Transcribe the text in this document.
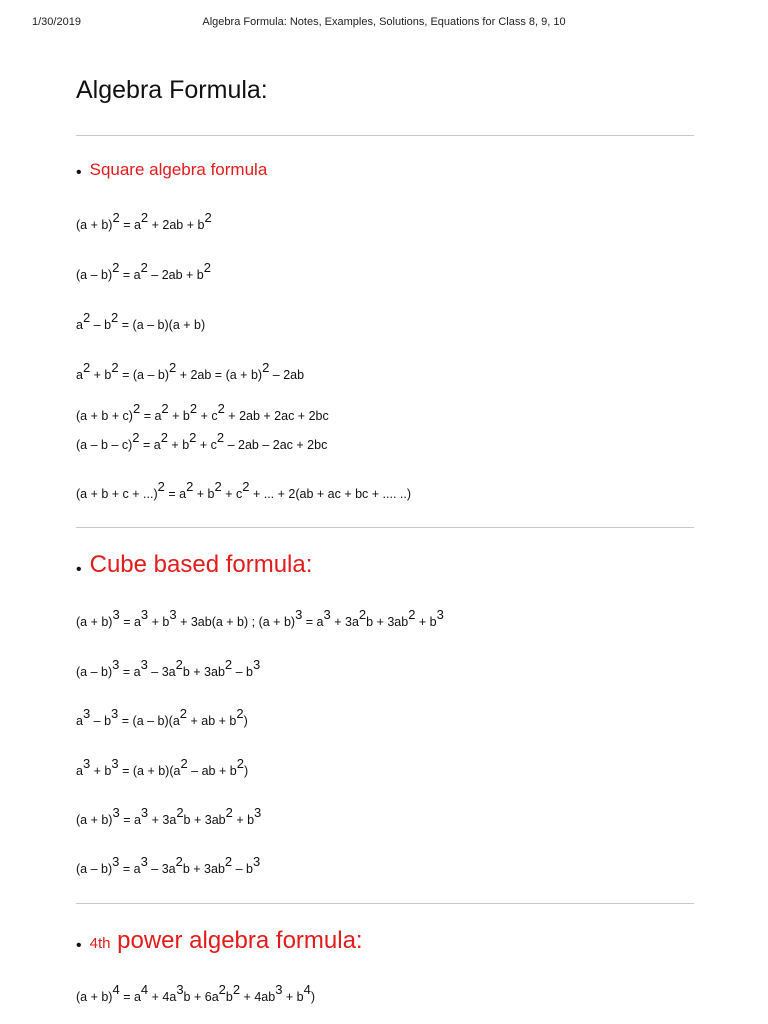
1/30/2019	Algebra Formula: Notes, Examples, Solutions, Equations for Class 8, 9, 10
Algebra Formula:
• Square algebra formula
$(a + b)^2 = a^2 + 2ab + b^2$
$(a - b)^2 = a^2 - 2ab + b^2$
$a^2 - b^2 = (a - b)(a + b)$
$a^2 + b^2 = (a - b)^2 + 2ab = (a + b)^2 - 2ab$
$(a + b + c)^2 = a^2 + b^2 + c^2 + 2ab + 2ac + 2bc$
$(a - b - c)^2 = a^2 + b^2 + c^2 - 2ab - 2ac + 2bc$
$(a + b + c + ...)^2 = a^2 + b^2 + c^2$ + ... + 2(ab + ac + bc + .... ..)
• Cube based formula:
$(a + b)^3 = a^3 + b^3 + 3ab(a + b)$ ; $(a + b)^3 = a^3 + 3a^2b + 3ab^2 + b^3$
$(a - b)^3 = a^3 - 3a^2b + 3ab^2 - b^3$
$a^3 - b^3 = (a - b)(a^2$ + ab + $b^2$)
$a^3 + b^3 = (a + b)(a^2$ – ab + $b^2$)
$(a + b)^3 = a^3 + 3a^2b + 3ab^2 + b^3$
$(a - b)^3 = a^3 - 3a^2b + 3ab^2 - b^3$
• 4th power algebra formula:
$(a + b)^4 = a^4 + 4a^3b + 6a^2b^2 + 4ab^3 + b^4$)
